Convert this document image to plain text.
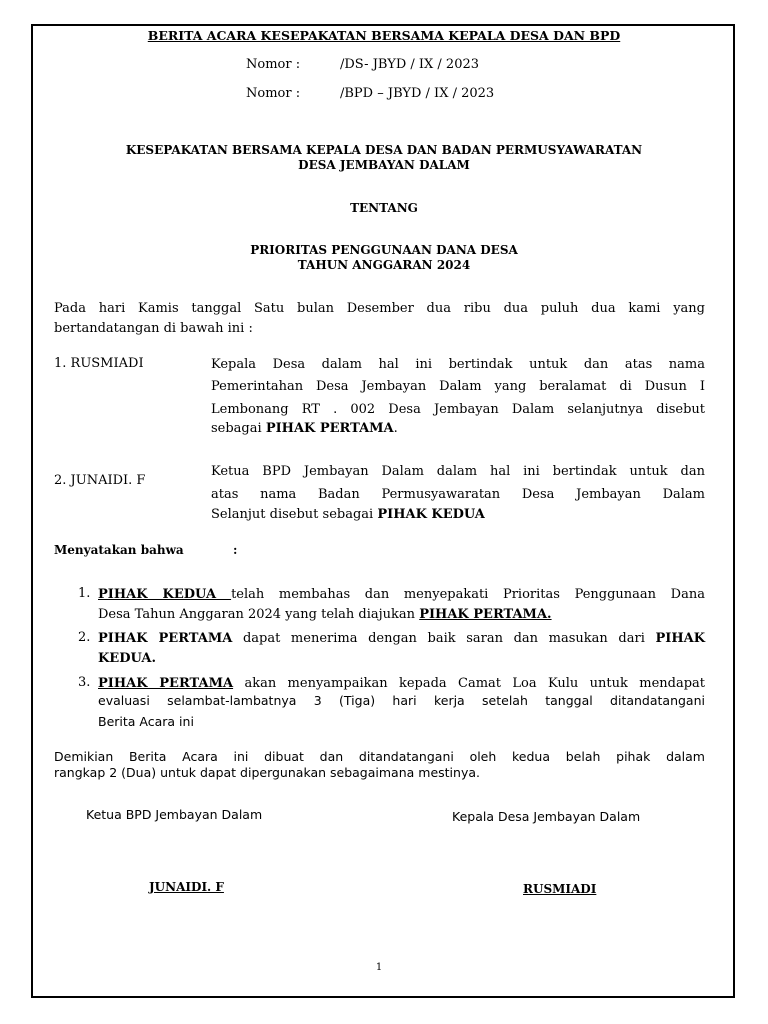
BERITA ACARA KESEPAKATAN BERSAMA KEPALA DESA DAN BPD
Nomor :	/DS- JBYD / IX / 2023
Nomor :	/BPD – JBYD / IX / 2023
KESEPAKATAN BERSAMA KEPALA DESA DAN BADAN PERMUSYAWARATAN
DESA JEMBAYAN DALAM
TENTANG
PRIORITAS PENGGUNAAN DANA DESA
TAHUN ANGGARAN 2024
Pada hari Kamis tanggal Satu bulan Desember dua ribu dua puluh dua kami yang
bertandatangan di bawah ini :
1. RUSMIADI	Kepala Desa dalam hal ini bertindak untuk dan atas nama
Pemerintahan Desa Jembayan Dalam yang beralamat di Dusun I
Lembonang RT . 002 Desa Jembayan Dalam selanjutnya disebut
sebagai PIHAK PERTAMA.
2. JUNAIDI. F
Ketua BPD Jembayan Dalam dalam hal ini bertindak untuk dan
atas nama Badan Permusyawaratan Desa Jembayan Dalam
Selanjut disebut sebagai PIHAK KEDUA
Menyatakan bahwa	:
1. PIHAK KEDUA telah membahas dan menyepakati Prioritas Penggunaan Dana
Desa Tahun Anggaran 2024 yang telah diajukan PIHAK PERTAMA.
2. PIHAK PERTAMA dapat menerima dengan baik saran dan masukan dari PIHAK
KEDUA.
3. PIHAK PERTAMA akan menyampaikan kepada Camat Loa Kulu untuk mendapat
evaluasi selambat-lambatnya 3 (Tiga) hari kerja setelah tanggal ditandatangani
Berita Acara ini
Demikian Berita Acara ini dibuat dan ditandatangani oleh kedua belah pihak dalam
rangkap 2 (Dua) untuk dapat dipergunakan sebagaimana mestinya.
Ketua BPD Jembayan Dalam	Kepala Desa Jembayan Dalam
JUNAIDI. F	RUSMIADI
1
